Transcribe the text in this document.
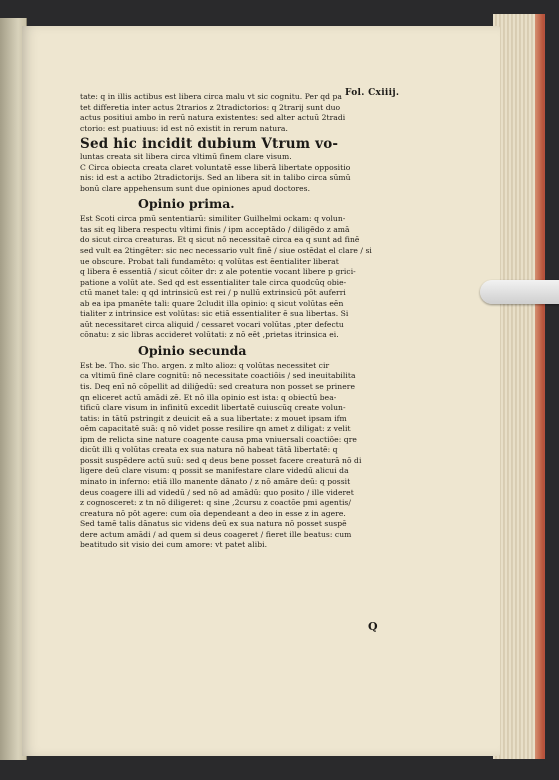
Fol. Cxiiij.
tate: q in illis actibus est libera circa malu vt sic cognitu. Per qd pa
tet differetia inter actus 2trarios z 2tradictorios: q 2trarij sunt duo
actus positiui ambo in rerū natura existentes: sed alter actuū 2tradi
ctorio: est puatiuus: id est nō existit in rerum natura.
Sed hic incidit dubium Vtrum vo-
luntas creata sit libera circa vltimū finem clare visum.
C Circa obiecta creata claret voluntatē esse liberā libertate oppositio
nis: id est a actibo 2tradictorijs. Sed an libera sit in talibo circa sūmū
bonū clare appehensum sunt due opiniones apud doctores.
Opinio prima.
Est Scoti circa pmū sententiarū: similiter Guilhelmi ockam: q volun-
tas sit eq libera respectu vltimi finis / ipm acceptādo / diligēdo z amā
do sicut circa creaturas. Et q sicut nō necessitaē circa ea q sunt ad finē
sed vult ea 2tingēter: sic nec necessario vult finē / siue ostēdat el clare / si
ue obscure. Probat tali fundamēto: q volūtas est ēentialiter liberat
q libera ē essentiā / sicut cōiter dr: z ale potentie vocant libere p grici-
patione a volūt ate. Sed qd est essentialiter tale circa quodcūq obie-
ctū manet tale: q qd intrinsicū est rei / p nullū extrinsicū pōt auferri
ab ea ipa pmanēte tali: quare 2cludit illa opinio: q sicut volūtas eēn
tialiter z intrinsice est volūtas: sic etiā essentialiter ē sua libertas. Si
aūt necessitaret circa aliquid / cessaret vocari volūtas ,pter defectu
cōnatu: z sic libras accideret volūtati: z nō eēt ,prietas itrinsica ei.
Opinio secunda
Est be. Tho. sic Tho. argen. z mlto alioz: q volūtas necessitet cir
ca vltimū finē clare cognitū: nō necessitate coactiōis / sed ineuitabilita
tis. Deq enī nō cōpellit ad diliḡedū: sed creatura non posset se prinere
qn eliceret actū amādi zē. Et nō illa opinio est ista: q obiectū bea-
tificū clare visum in infinitū excedit libertatē cuiuscūq create volun-
tatis: in tātū pstringit z deuicit eā a sua libertate: z mouet ipsam ifm
oēm capacitatē suā: q nō videt posse resilire qn amet z diligat: z velit
ipm de relicta sine nature coagente causa pma vniuersali coactiōe: qre
dicūt illi q volūtas creata ex sua natura nō habeat tātā libertatē: q
possit suspēdere actū suū: sed q deus bene posset facere creaturā nō di
ligere deū clare visum: q possit se manifestare clare videdū alicui da
minato in inferno: etiā illo manente dānato / z nō amāre deū: q possit
deus coagere illi ad videdū / sed nō ad amādū: quo posito / ille videret
z cognosceret: z tn nō diligeret: q sine ,2cursu z coactōe pmi agentis/
creatura nō pōt agere: cum oīa dependeant a deo in esse z in agere.
Sed tamē talis dānatus sic videns deū ex sua natura nō posset suspē
dere actum amādi / ad quem si deus coageret / fieret ille beatus: cum
beatitudo sit visio dei cum amore: vt patet alibi.
Q
